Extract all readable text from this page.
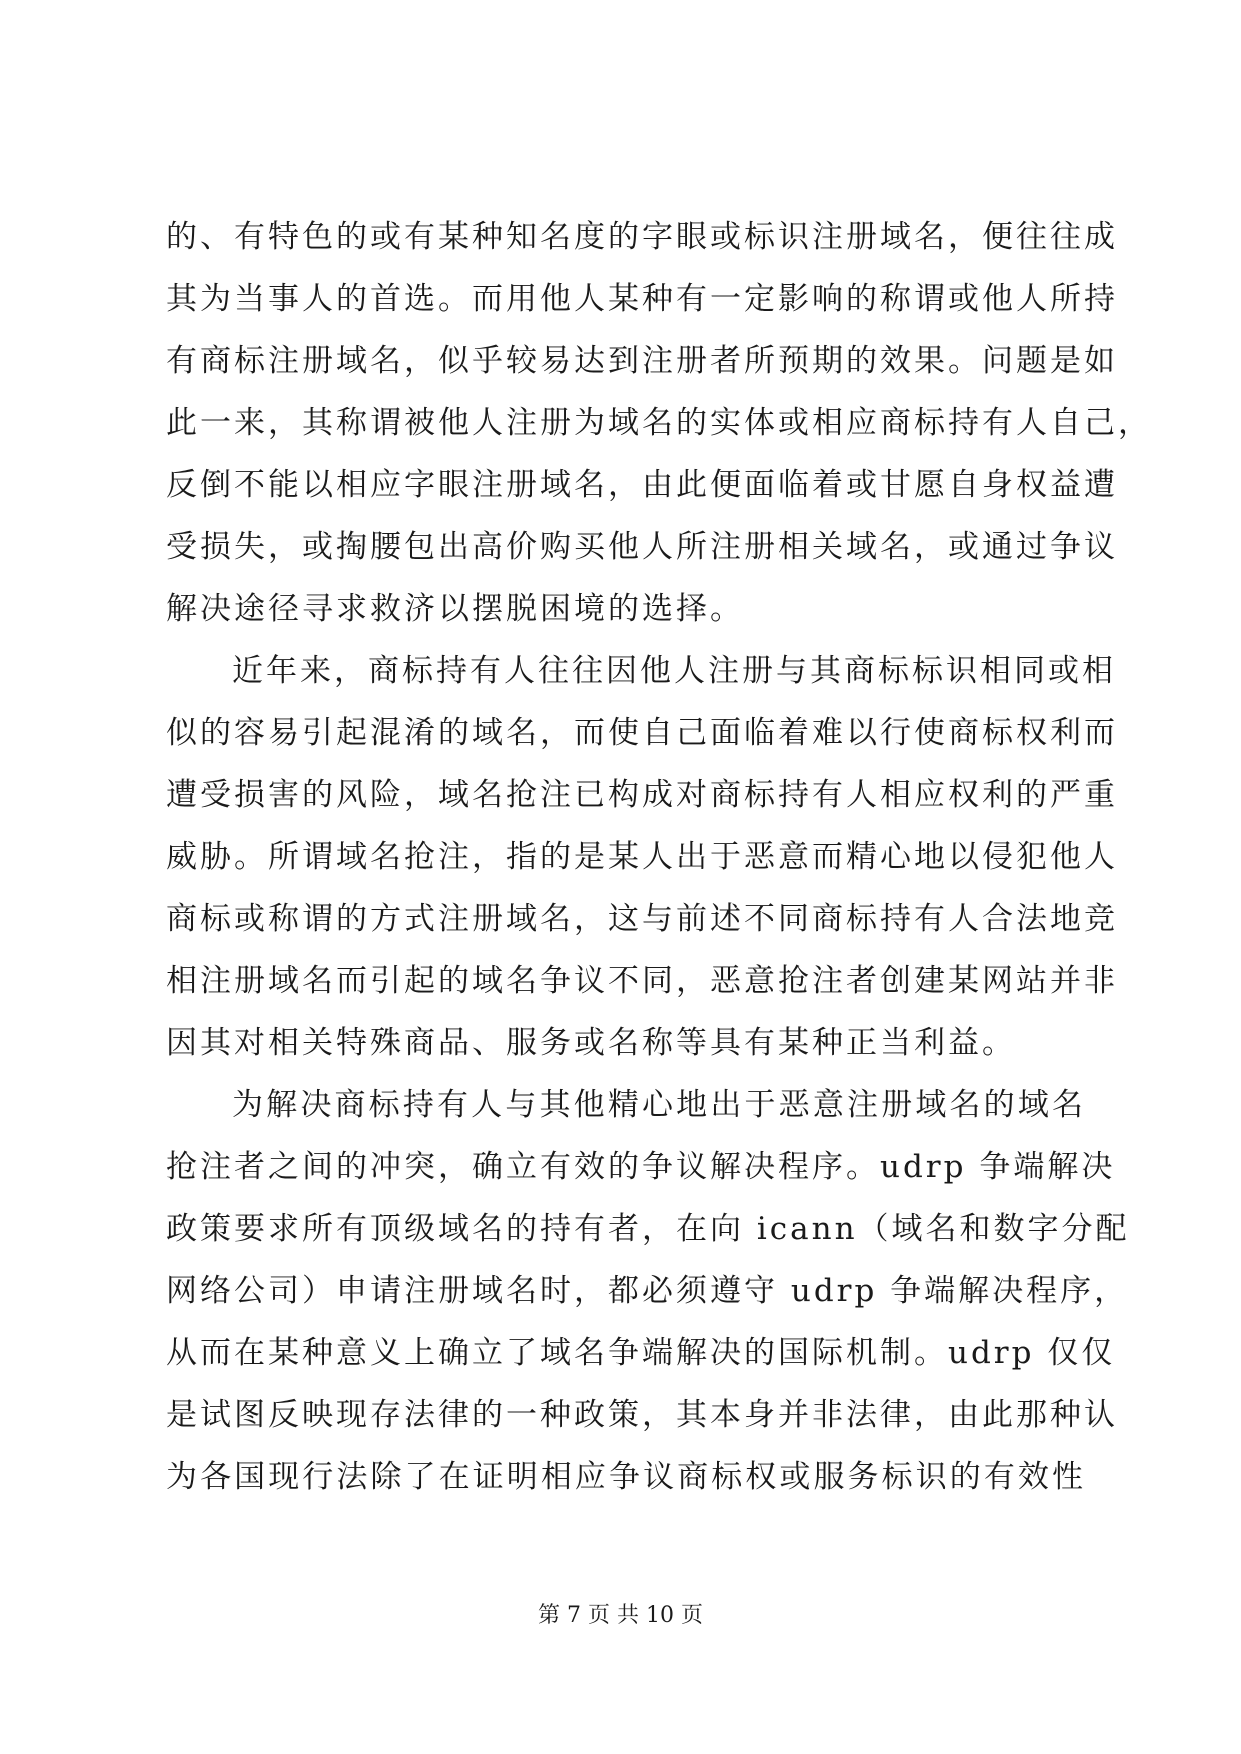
的、有特色的或有某种知名度的字眼或标识注册域名，便往往成
其为当事人的首选。而用他人某种有一定影响的称谓或他人所持
有商标注册域名，似乎较易达到注册者所预期的效果。问题是如
此一来，其称谓被他人注册为域名的实体或相应商标持有人自己，
反倒不能以相应字眼注册域名，由此便面临着或甘愿自身权益遭
受损失，或掏腰包出高价购买他人所注册相关域名，或通过争议
解决途径寻求救济以摆脱困境的选择。
近年来，商标持有人往往因他人注册与其商标标识相同或相
似的容易引起混淆的域名，而使自己面临着难以行使商标权利而
遭受损害的风险，域名抢注已构成对商标持有人相应权利的严重
威胁。所谓域名抢注，指的是某人出于恶意而精心地以侵犯他人
商标或称谓的方式注册域名，这与前述不同商标持有人合法地竞
相注册域名而引起的域名争议不同，恶意抢注者创建某网站并非
因其对相关特殊商品、服务或名称等具有某种正当利益。
为解决商标持有人与其他精心地出于恶意注册域名的域名
抢注者之间的冲突，确立有效的争议解决程序。udrp 争端解决
政策要求所有顶级域名的持有者，在向 icann（域名和数字分配
网络公司）申请注册域名时，都必须遵守 udrp 争端解决程序，
从而在某种意义上确立了域名争端解决的国际机制。udrp 仅仅
是试图反映现存法律的一种政策，其本身并非法律，由此那种认
为各国现行法除了在证明相应争议商标权或服务标识的有效性
第 7 页 共 10 页
